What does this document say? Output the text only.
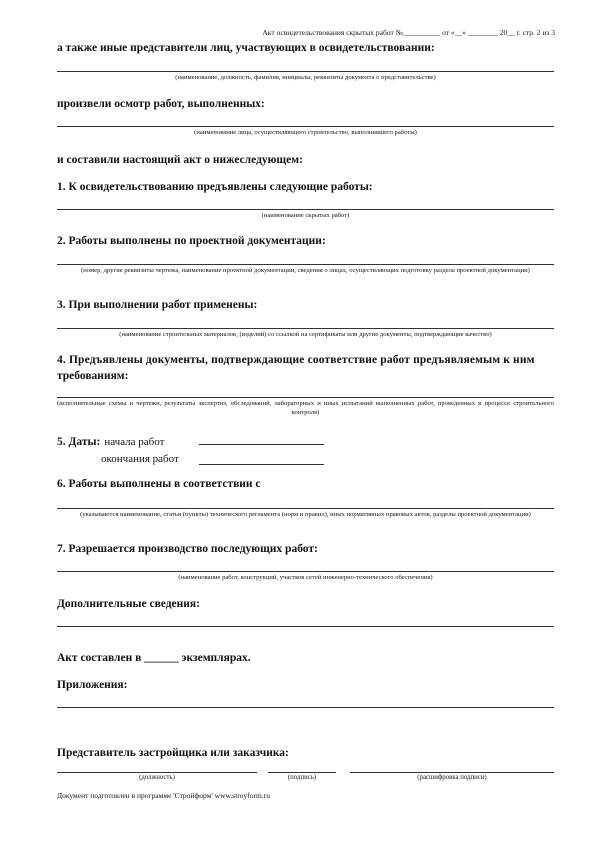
Акт освидетельствования скрытых работ №__________ от «__» ________ 20__ г. стр. 2 из 3
а также иные представители лиц, участвующих в освидетельствовании:
(наименование, должность, фамилия, инициалы, реквизиты документа о представительстве)
произвели осмотр работ, выполненных:
(наименование лица, осуществляющего строительство, выполнившего работы)
и составили настоящий акт о нижеследующем:
1. К освидетельствованию предъявлены следующие работы:
(наименование скрытых работ)
2. Работы выполнены по проектной документации:
(номер, другие реквизиты чертежа, наименование проектной документации, сведения о лицах, осуществляющих подготовку раздела проектной документации)
3. При выполнении работ применены:
(наименование строительных материалов, (изделий) со ссылкой на сертификаты или другие документы, подтверждающие качество)
4. Предъявлены документы, подтверждающие соответствие работ предъявляемым к ним
требованиям:
(исполнительные схемы и чертежи, результаты экспертиз, обследований, лабораторных и иных испытаний выполненных работ, проведенных в процессе строительного контроля)
5. Даты: начала работ
окончания работ
6. Работы выполнены в соответствии с
(указываются наименование, статьи (пункты) технического регламента (норм и правил), иных нормативных правовых актов, разделы проектной документации)
7. Разрешается производство последующих работ:
(наименование работ, конструкций, участков сетей инженерно-технического обеспечения)
Дополнительные сведения:
Акт составлен в ______ экземплярах.
Приложения:
Представитель застройщика или заказчика:
(должность)	(подпись)	(расшифровка подписи)
Документ подготовлен в программе 'Стройформ' www.stroyform.ru
